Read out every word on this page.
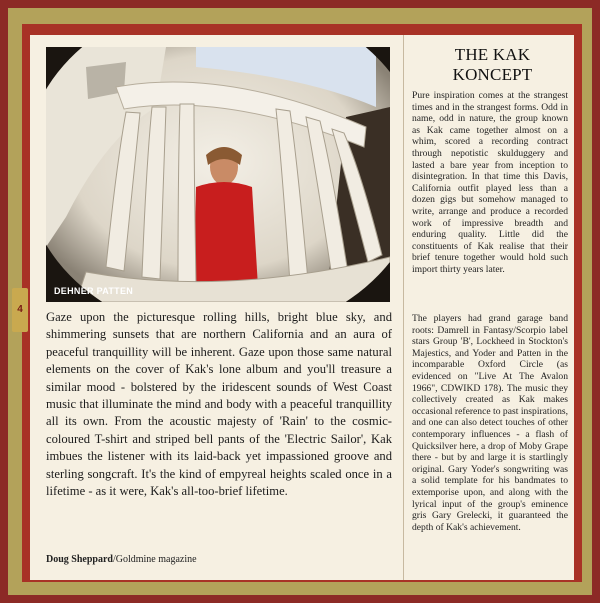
4
DEHNER PATTEN
THE KAK KONCEPT

Pure inspiration comes at the strangest times and in the strangest forms. Odd in name, odd in nature, the group known as Kak came together almost on a whim, scored a recording contract through nepotistic skulduggery and lasted a bare year from inception to disintegration. In that time this Davis, California outfit played less than a dozen gigs but somehow managed to write, arrange and produce a recorded work of impressive breadth and enduring quality. Little did the constituents of Kak realise that their brief tenure together would hold such import thirty years later.

The players had grand garage band roots: Damrell in Fantasy/Scorpio label stars Group 'B', Lockheed in Stockton's Majestics, and Yoder and Patten in the incomparable Oxford Circle (as evidenced on "Live At The Avalon 1966", CDWIKD 178). The music they collectively created as Kak makes occasional reference to past inspirations, and one can also detect touches of other contemporary influences - a flash of Quicksilver here, a drop of Moby Grape there - but by and large it is startlingly original. Gary Yoder's songwriting was a solid template for his bandmates to extemporise upon, and along with the lyrical input of the group's eminence gris Gary Grelecki, it guaranteed the depth of Kak's achievement.

Gaze upon the picturesque rolling hills, bright blue sky, and shimmering sunsets that are northern California and an aura of peaceful tranquillity will be inherent. Gaze upon those same natural elements on the cover of Kak's lone album and you'll treasure a similar mood - bolstered by the iridescent sounds of West Coast music that illuminate the mind and body with a peaceful tranquillity all its own. From the acoustic majesty of 'Rain' to the cosmic-coloured T-shirt and striped bell pants of the 'Electric Sailor', Kak imbues the listener with its laid-back yet impassioned groove and sterling songcraft. It's the kind of empyreal heights scaled once in a lifetime - as it were, Kak's all-too-brief lifetime.

Doug Sheppard/Goldmine magazine
